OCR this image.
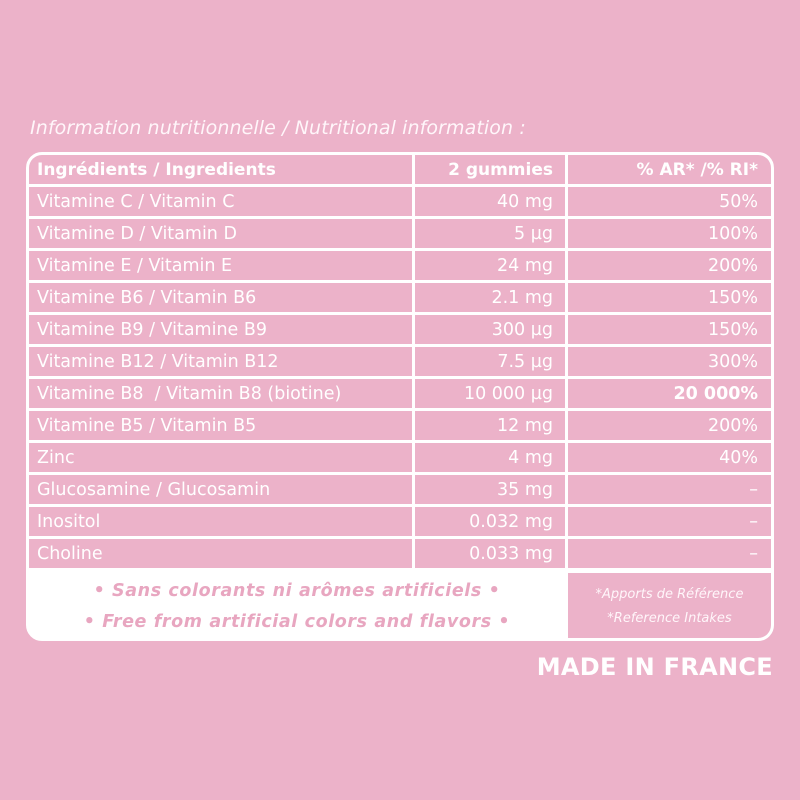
Information nutritionnelle / Nutritional information :
Ingrédients / Ingredients	2 gummies	% AR* /% RI*
Vitamine C / Vitamin C	40 mg	50%
Vitamine D / Vitamin D	5 µg	100%
Vitamine E / Vitamin E	24 mg	200%
Vitamine B6 / Vitamin B6	2.1 mg	150%
Vitamine B9 / Vitamine B9	300 µg	150%
Vitamine B12 / Vitamin B12	7.5 µg	300%
Vitamine B8  / Vitamin B8 (biotine)	10 000 µg	20 000%
Vitamine B5 / Vitamin B5	12 mg	200%
Zinc	4 mg	40%
Glucosamine / Glucosamin	35 mg	–
Inositol	0.032 mg	–
Choline	0.033 mg	–
• Sans colorants ni arômes artificiels •
• Free from artificial colors and flavors •
*Apports de Référence
*Reference Intakes
MADE IN FRANCE
